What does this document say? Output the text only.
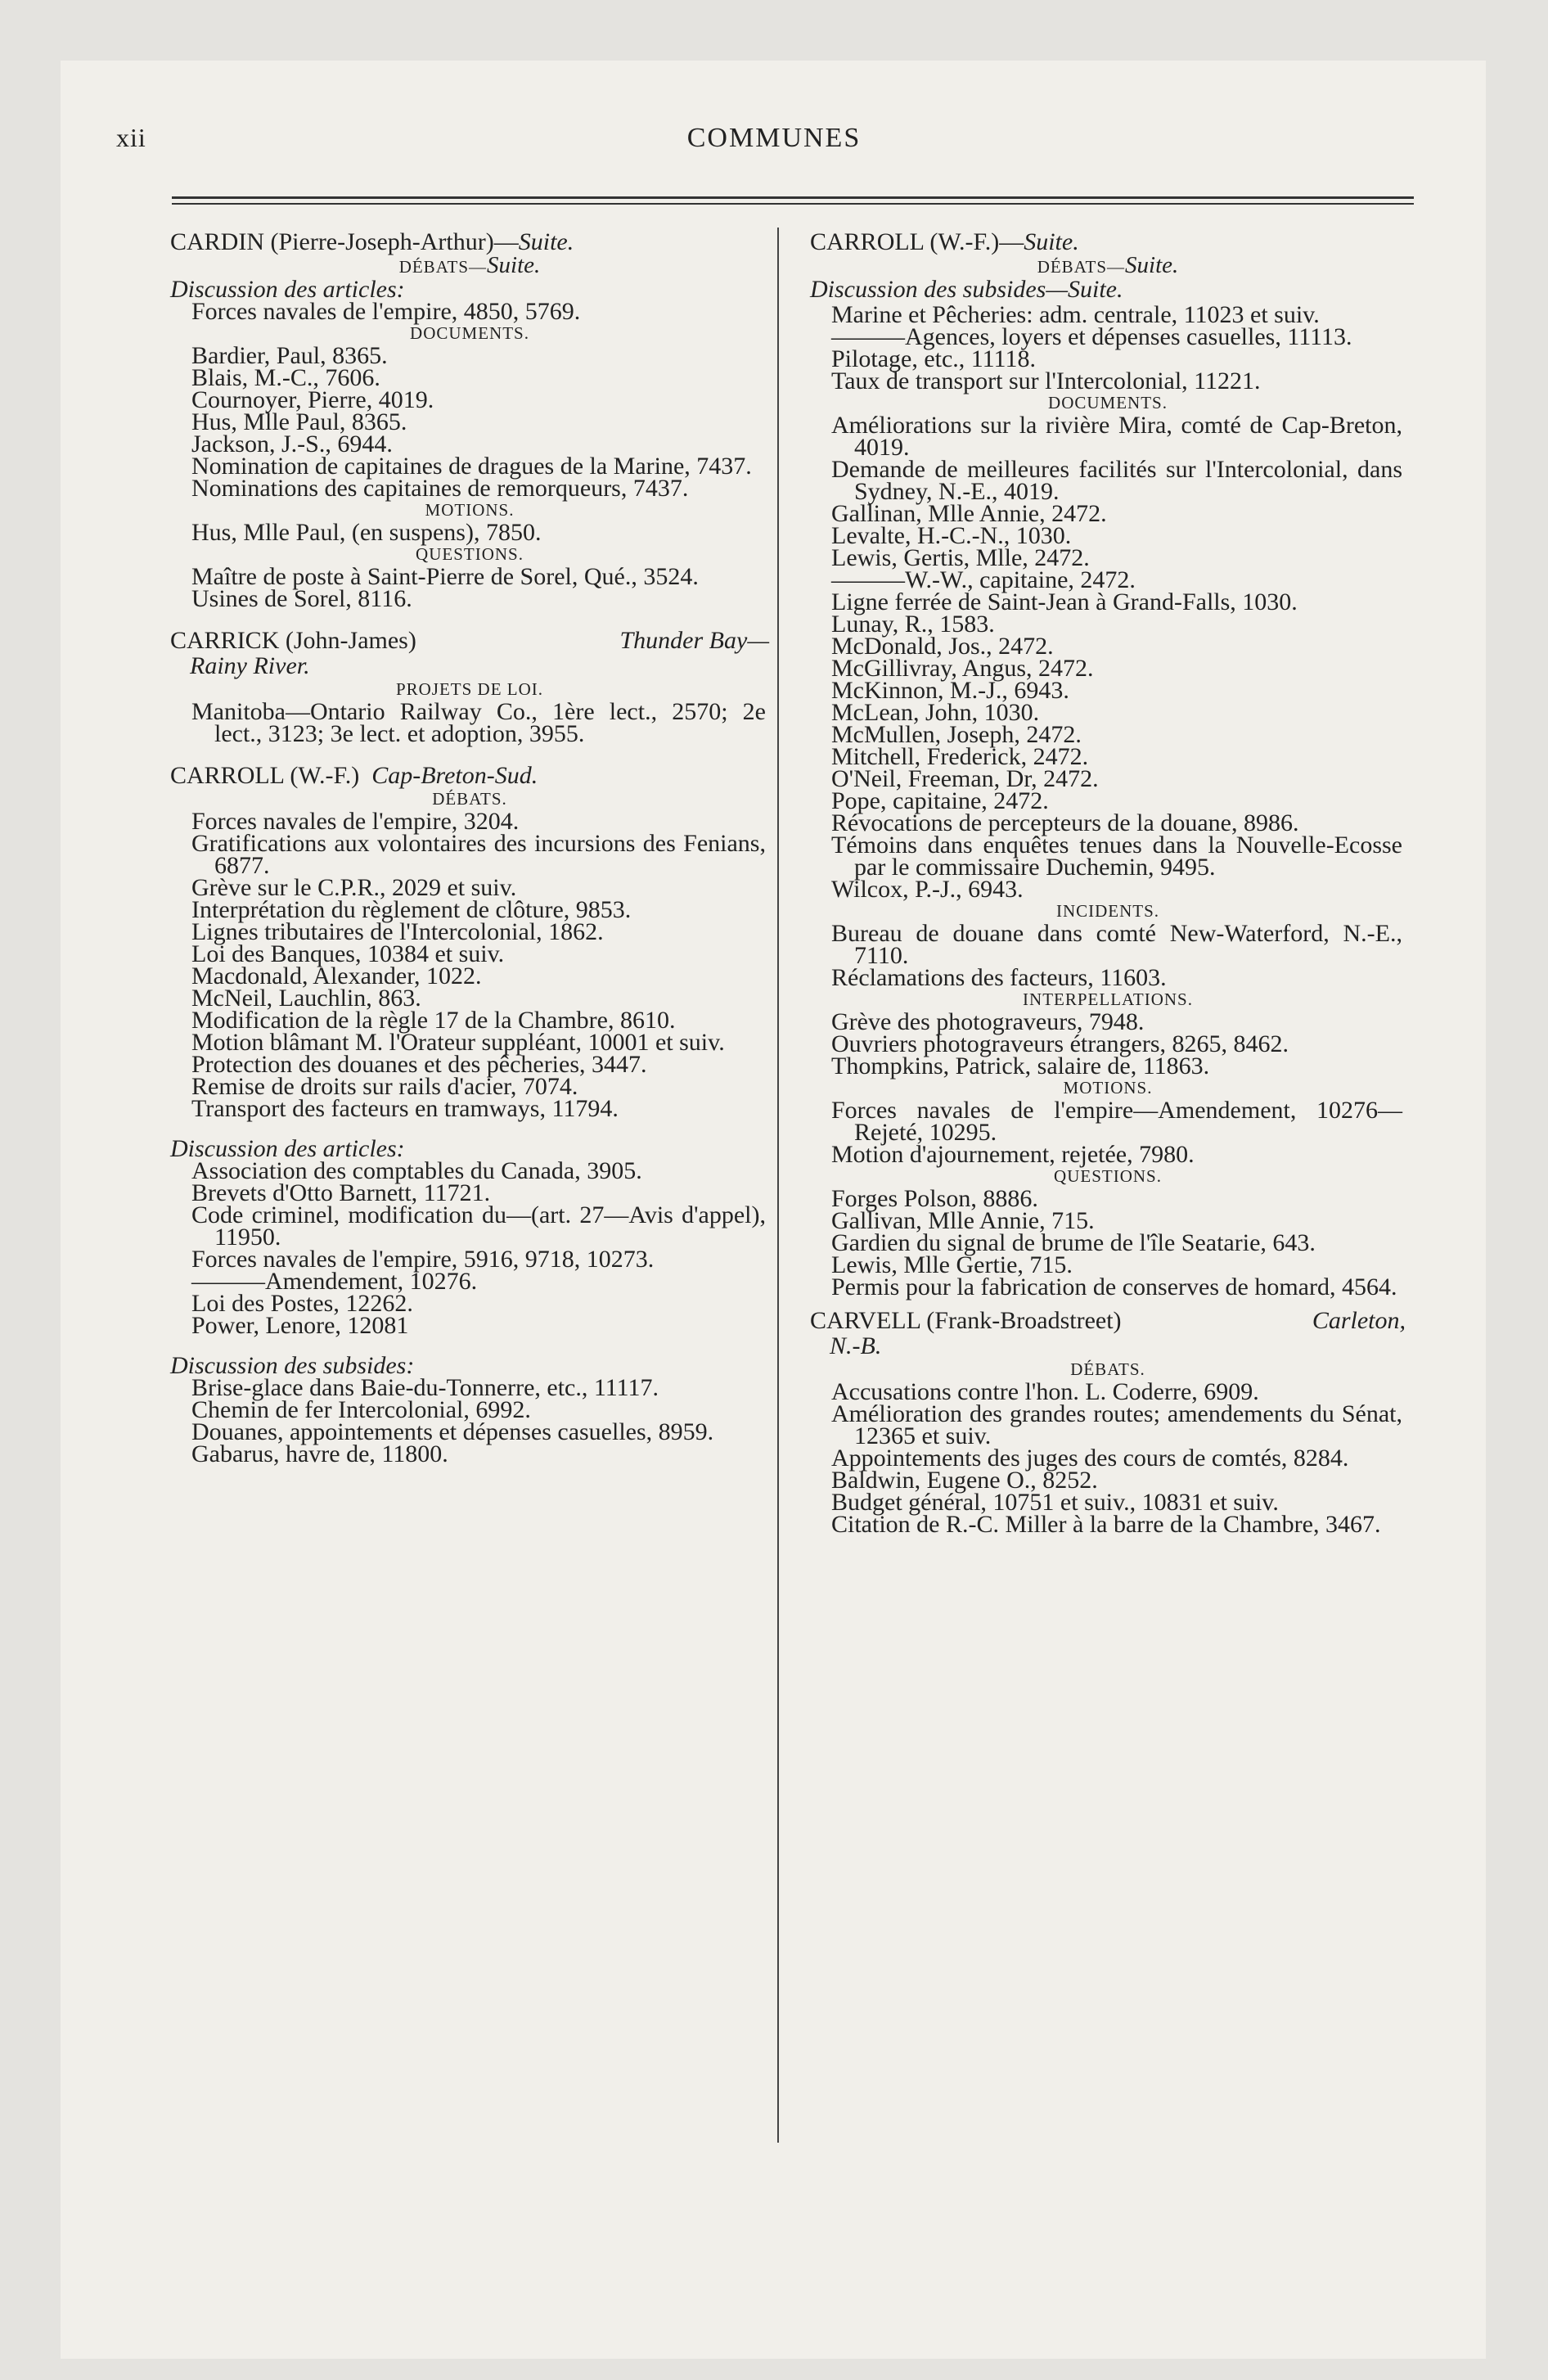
xii	COMMUNES
CARDIN (Pierre-Joseph-Arthur)—Suite.
DÉBATS—Suite.
Discussion des articles:
Forces navales de l'empire, 4850, 5769.
DOCUMENTS.
Bardier, Paul, 8365.
Blais, M.-C., 7606.
Cournoyer, Pierre, 4019.
Hus, Mlle Paul, 8365.
Jackson, J.-S., 6944.
Nomination de capitaines de dragues de la Marine, 7437.
Nominations des capitaines de remorqueurs, 7437.
MOTIONS.
Hus, Mlle Paul, (en suspens), 7850.
QUESTIONS.
Maître de poste à Saint-Pierre de Sorel, Qué., 3524.
Usines de Sorel, 8116.
CARRICK (John-James)	Thunder Bay—
Rainy River.
PROJETS DE LOI.
Manitoba—Ontario Railway Co., 1ère lect., 2570; 2e lect., 3123; 3e lect. et adoption, 3955.
CARROLL (W.-F.) Cap-Breton-Sud.
DÉBATS.
Forces navales de l'empire, 3204.
Gratifications aux volontaires des incursions des Fenians, 6877.
Grève sur le C.P.R., 2029 et suiv.
Interprétation du règlement de clôture, 9853.
Lignes tributaires de l'Intercolonial, 1862.
Loi des Banques, 10384 et suiv.
Macdonald, Alexander, 1022.
McNeil, Lauchlin, 863.
Modification de la règle 17 de la Chambre, 8610.
Motion blâmant M. l'Orateur suppléant, 10001 et suiv.
Protection des douanes et des pêcheries, 3447.
Remise de droits sur rails d'acier, 7074.
Transport des facteurs en tramways, 11794.
Discussion des articles:
Association des comptables du Canada, 3905.
Brevets d'Otto Barnett, 11721.
Code criminel, modification du—(art. 27—Avis d'appel), 11950.
Forces navales de l'empire, 5916, 9718, 10273.
———Amendement, 10276.
Loi des Postes, 12262.
Power, Lenore, 12081
Discussion des subsides:
Brise-glace dans Baie-du-Tonnerre, etc., 11117.
Chemin de fer Intercolonial, 6992.
Douanes, appointements et dépenses casuelles, 8959.
Gabarus, havre de, 11800.
CARROLL (W.-F.)—Suite.
DÉBATS—Suite.
Discussion des subsides—Suite.
Marine et Pêcheries: adm. centrale, 11023 et suiv.
———Agences, loyers et dépenses casuelles, 11113.
Pilotage, etc., 11118.
Taux de transport sur l'Intercolonial, 11221.
DOCUMENTS.
Améliorations sur la rivière Mira, comté de Cap-Breton, 4019.
Demande de meilleures facilités sur l'Intercolonial, dans Sydney, N.-E., 4019.
Gallinan, Mlle Annie, 2472.
Levalte, H.-C.-N., 1030.
Lewis, Gertis, Mlle, 2472.
———W.-W., capitaine, 2472.
Ligne ferrée de Saint-Jean à Grand-Falls, 1030.
Lunay, R., 1583.
McDonald, Jos., 2472.
McGillivray, Angus, 2472.
McKinnon, M.-J., 6943.
McLean, John, 1030.
McMullen, Joseph, 2472.
Mitchell, Frederick, 2472.
O'Neil, Freeman, Dr, 2472.
Pope, capitaine, 2472.
Révocations de percepteurs de la douane, 8986.
Témoins dans enquêtes tenues dans la Nouvelle-Ecosse par le commissaire Duchemin, 9495.
Wilcox, P.-J., 6943.
INCIDENTS.
Bureau de douane dans comté New-Waterford, N.-E., 7110.
Réclamations des facteurs, 11603.
INTERPELLATIONS.
Grève des photograveurs, 7948.
Ouvriers photograveurs étrangers, 8265, 8462.
Thompkins, Patrick, salaire de, 11863.
MOTIONS.
Forces navales de l'empire—Amendement, 10276—Rejeté, 10295.
Motion d'ajournement, rejetée, 7980.
QUESTIONS.
Forges Polson, 8886.
Gallivan, Mlle Annie, 715.
Gardien du signal de brume de l'île Seatarie, 643.
Lewis, Mlle Gertie, 715.
Permis pour la fabrication de conserves de homard, 4564.
CARVELL (Frank-Broadstreet)	Carleton,
N.-B.
DÉBATS.
Accusations contre l'hon. L. Coderre, 6909.
Amélioration des grandes routes; amendements du Sénat, 12365 et suiv.
Appointements des juges des cours de comtés, 8284.
Baldwin, Eugene O., 8252.
Budget général, 10751 et suiv., 10831 et suiv.
Citation de R.-C. Miller à la barre de la Chambre, 3467.
